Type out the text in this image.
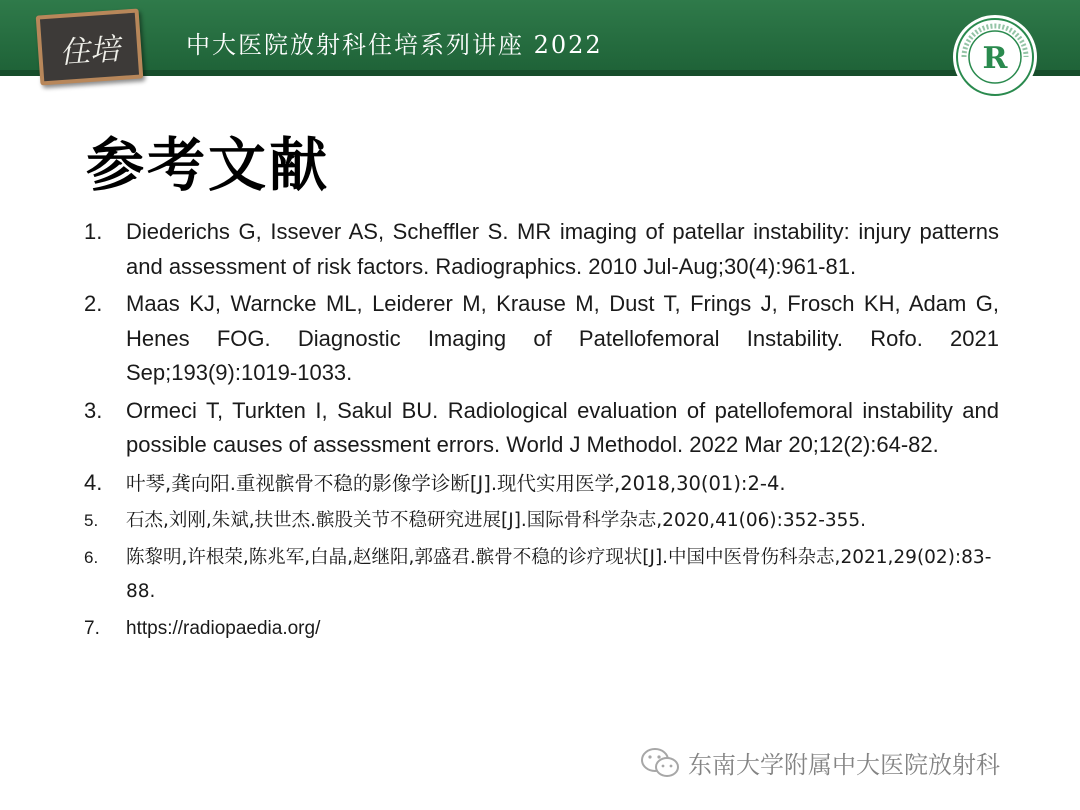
住培	中大医院放射科住培系列讲座 2022	R
参考文献
1. Diederichs G, Issever AS, Scheffler S. MR imaging of patellar instability: injury patterns and assessment of risk factors. Radiographics. 2010 Jul-Aug;30(4):961-81.
2. Maas KJ, Warncke ML, Leiderer M, Krause M, Dust T, Frings J, Frosch KH, Adam G, Henes FOG. Diagnostic Imaging of Patellofemoral Instability. Rofo. 2021 Sep;193(9):1019-1033.
3. Ormeci T, Turkten I, Sakul BU. Radiological evaluation of patellofemoral instability and possible causes of assessment errors. World J Methodol. 2022 Mar 20;12(2):64-82.
4. 叶琴,龚向阳.重视髌骨不稳的影像学诊断[J].现代实用医学,2018,30(01):2-4.
5. 石杰,刘刚,朱斌,扶世杰.髌股关节不稳研究进展[J].国际骨科学杂志,2020,41(06):352-355.
6. 陈黎明,许根荣,陈兆军,白晶,赵继阳,郭盛君.髌骨不稳的诊疗现状[J].中国中医骨伤科杂志,2021,29(02):83-88.
7. https://radiopaedia.org/
东南大学附属中大医院放射科
